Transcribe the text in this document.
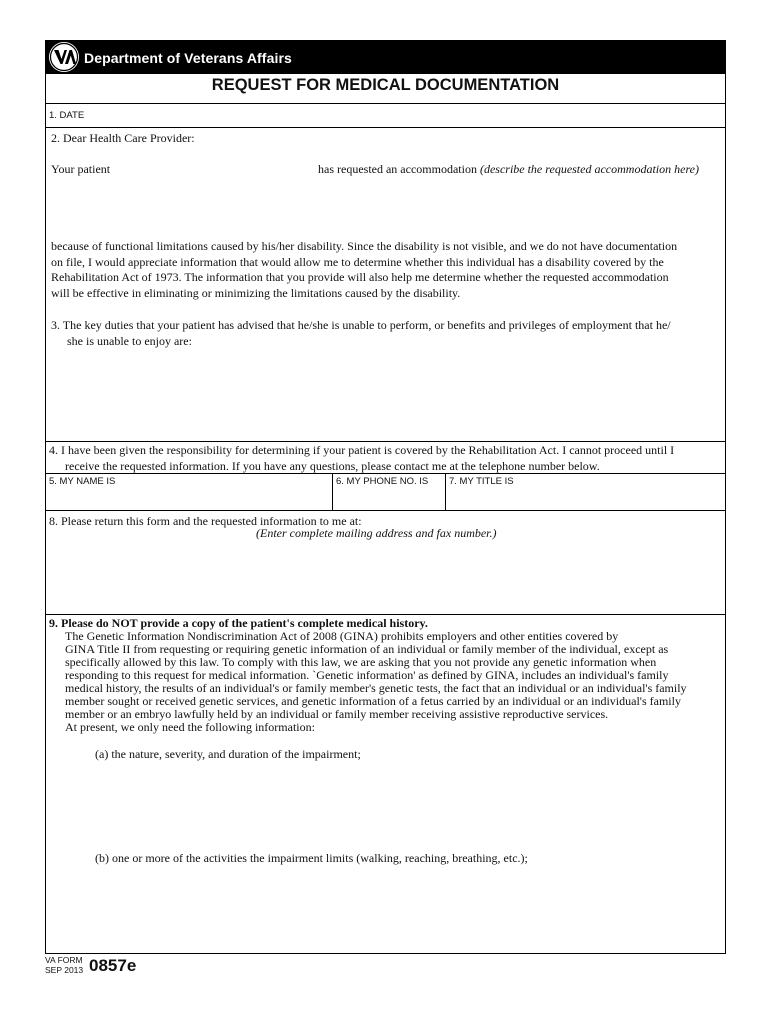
Department of Veterans Affairs
REQUEST FOR MEDICAL DOCUMENTATION
1. DATE
2. Dear Health Care Provider:
Your patient	has requested an accommodation (describe the requested accommodation here)
because of functional limitations caused by his/her disability. Since the disability is not visible, and we do not have documentation
on file, I would appreciate information that would allow me to determine whether this individual has a disability covered by the
Rehabilitation Act of 1973. The information that you provide will also help me determine whether the requested accommodation
will be effective in eliminating or minimizing the limitations caused by the disability.
3. The key duties that your patient has advised that he/she is unable to perform, or benefits and privileges of employment that he/
she is unable to enjoy are:
4. I have been given the responsibility for determining if your patient is covered by the Rehabilitation Act. I cannot proceed until I
receive the requested information. If you have any questions, please contact me at the telephone number below.
5. MY NAME IS	6. MY PHONE NO. IS 7. MY TITLE IS
8. Please return this form and the requested information to me at:
(Enter complete mailing address and fax number.)
9. Please do NOT provide a copy of the patient's complete medical history.
The Genetic Information Nondiscrimination Act of 2008 (GINA) prohibits employers and other entities covered by
GINA Title II from requesting or requiring genetic information of an individual or family member of the individual, except as
specifically allowed by this law. To comply with this law, we are asking that you not provide any genetic information when
responding to this request for medical information. `Genetic information' as defined by GINA, includes an individual's family
medical history, the results of an individual's or family member's genetic tests, the fact that an individual or an individual's family
member sought or received genetic services, and genetic information of a fetus carried by an individual or an individual's family
member or an embryo lawfully held by an individual or family member receiving assistive reproductive services.
At present, we only need the following information:
(a) the nature, severity, and duration of the impairment;
(b) one or more of the activities the impairment limits (walking, reaching, breathing, etc.);
VA FORM
SEP 2013 0857e
